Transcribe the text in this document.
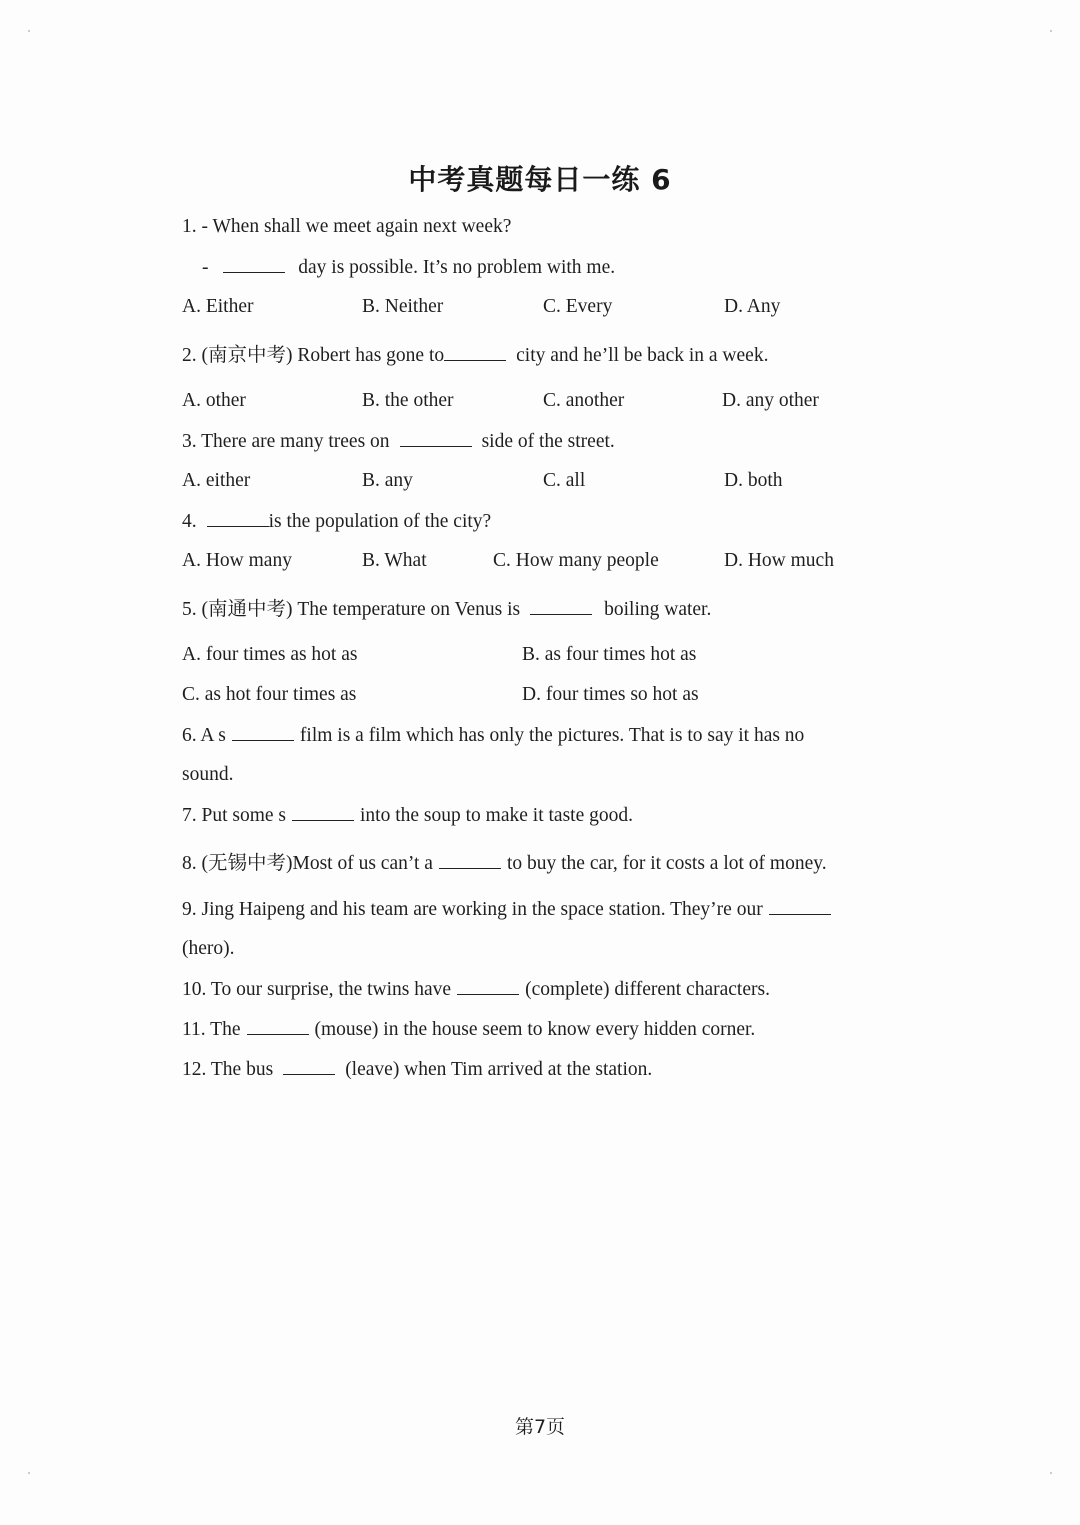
中考真题每日一练 6
1. - When shall we meet again next week?
-	day is possible. It’s no problem with me.
A. Either	B. Neither	C. Every	D. Any
2. (南京中考) Robert has gone to	city and he’ll be back in a week.
A. other	B. the other	C. another	D. any other
3. There are many trees on	side of the street.
A. either	B. any	C. all	D. both
4.	is the population of the city?
A. How many	B. What	C. How many people	D. How much
5. (南通中考) The temperature on Venus is	boiling water.
A. four times as hot as	B. as four times hot as
C. as hot four times as	D. four times so hot as
6. A s	film is a film which has only the pictures. That is to say it has no
sound.
7. Put some s	into the soup to make it taste good.
8. (无锡中考)Most of us can’t a	to buy the car, for it costs a lot of money.
9. Jing Haipeng and his team are working in the space station. They’re our
(hero).
10. To our surprise, the twins have	(complete) different characters.
11. The	(mouse) in the house seem to know every hidden corner.
12. The bus	(leave) when Tim arrived at the station.
第7页
